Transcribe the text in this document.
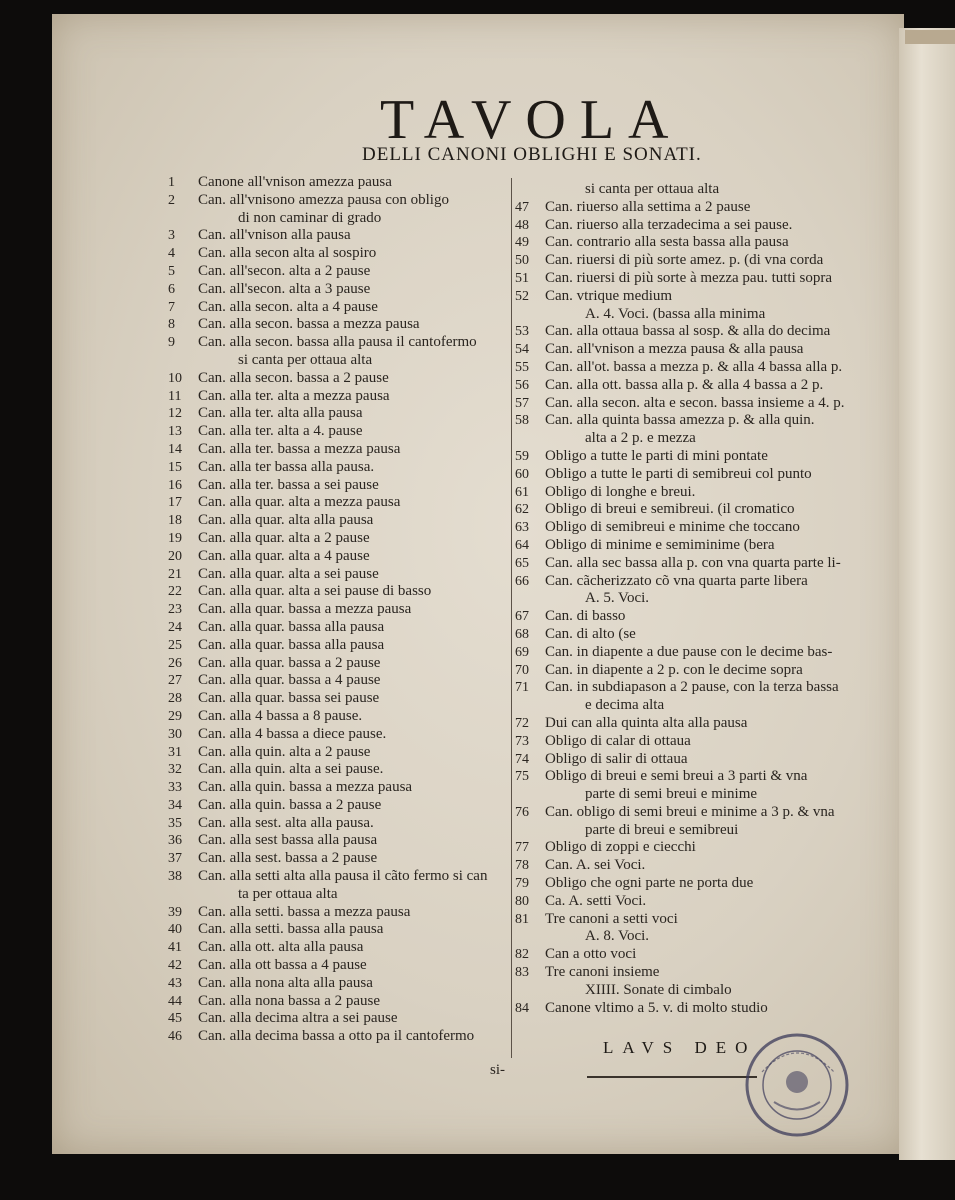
TAVOLA
DELLI CANONI OBLIGHI E SONATI.
1	Canone all'vnison amezza pausa
2	Can. all'vnisono amezza pausa con obligo
di non caminar di grado
3	Can. all'vnison alla pausa
4	Can. alla secon alta al sospiro
5	Can. all'secon. alta a 2 pause
6	Can. all'secon. alta a 3 pause
7	Can. alla secon. alta a 4 pause
8	Can. alla secon. bassa a mezza pausa
9	Can. alla secon. bassa alla pausa il cantofermo
si canta per ottaua alta
10	Can. alla secon. bassa a 2 pause
11	Can. alla ter. alta a mezza pausa
12	Can. alla ter. alta alla pausa
13	Can. alla ter. alta a 4. pause
14	Can. alla ter. bassa a mezza pausa
15	Can. alla ter bassa alla pausa.
16	Can. alla ter. bassa a sei pause
17	Can. alla quar. alta a mezza pausa
18	Can. alla quar. alta alla pausa
19	Can. alla quar. alta a 2 pause
20	Can. alla quar. alta a 4 pause
21	Can. alla quar. alta a sei pause
22	Can. alla quar. alta a sei pause di basso
23	Can. alla quar. bassa a mezza pausa
24	Can. alla quar. bassa alla pausa
25	Can. alla quar. bassa alla pausa
26	Can. alla quar. bassa a 2 pause
27	Can. alla quar. bassa a 4 pause
28	Can. alla quar. bassa sei pause
29	Can. alla 4 bassa a 8 pause.
30	Can. alla 4 bassa a diece pause.
31	Can. alla quin. alta a 2 pause
32	Can. alla quin. alta a sei pause.
33	Can. alla quin. bassa a mezza pausa
34	Can. alla quin. bassa a 2 pause
35	Can. alla sest. alta alla pausa.
36	Can. alla sest bassa alla pausa
37	Can. alla sest. bassa a 2 pause
38	Can. alla setti alta alla pausa il cãto fermo si can
ta per ottaua alta
39	Can. alla setti. bassa a mezza pausa
40	Can. alla setti. bassa alla pausa
41	Can. alla ott. alta alla pausa
42	Can. alla ott bassa a 4 pause
43	Can. alla nona alta alla pausa
44	Can. alla nona bassa a 2 pause
45	Can. alla decima altra a sei pause
46	Can. alla decima bassa a otto pa il cantofermo
si canta per ottaua alta
47	Can. riuerso alla settima a 2 pause
48	Can. riuerso alla terzadecima a sei pause.
49	Can. contrario alla sesta bassa alla pausa
50	Can. riuersi di più sorte amez. p. (di vna corda
51	Can. riuersi di più sorte à mezza pau. tutti sopra
52	Can. vtrique medium
A. 4. Voci. (bassa alla minima
53	Can. alla ottaua bassa al sosp. & alla do decima
54	Can. all'vnison a mezza pausa & alla pausa
55	Can. all'ot. bassa a mezza p. & alla 4 bassa alla p.
56	Can. alla ott. bassa alla p. & alla 4 bassa a 2 p.
57	Can. alla secon. alta e secon. bassa insieme a 4. p.
58	Can. alla quinta bassa amezza p. & alla quin.
alta a 2 p. e mezza
59	Obligo a tutte le parti di mini pontate
60	Obligo a tutte le parti di semibreui col punto
61	Obligo di longhe e breui.
62	Obligo di breui e semibreui. (il cromatico
63	Obligo di semibreui e minime che toccano
64	Obligo di minime e semiminime (bera
65	Can. alla sec bassa alla p. con vna quarta parte li-
66	Can. cãcherizzato cõ vna quarta parte libera
A. 5. Voci.
67	Can. di basso
68	Can. di alto (se
69	Can. in diapente a due pause con le decime bas-
70	Can. in diapente a 2 p. con le decime sopra
71	Can. in subdiapason a 2 pause, con la terza bassa
e decima alta
72	Dui can alla quinta alta alla pausa
73	Obligo di calar di ottaua
74	Obligo di salir di ottaua
75	Obligo di breui e semi breui a 3 parti & vna
parte di semi breui e minime
76	Can. obligo di semi breui e minime a 3 p. & vna
parte di breui e semibreui
77	Obligo di zoppi e ciecchi
78	Can. A. sei Voci.
79	Obligo che ogni parte ne porta due
80	Ca. A. setti Voci.
81	Tre canoni a setti voci
A. 8. Voci.
82	Can a otto voci
83	Tre canoni insieme
XIIII. Sonate di cimbalo
84	Canone vltimo a 5. v. di molto studio
si-
LAVS DEO
